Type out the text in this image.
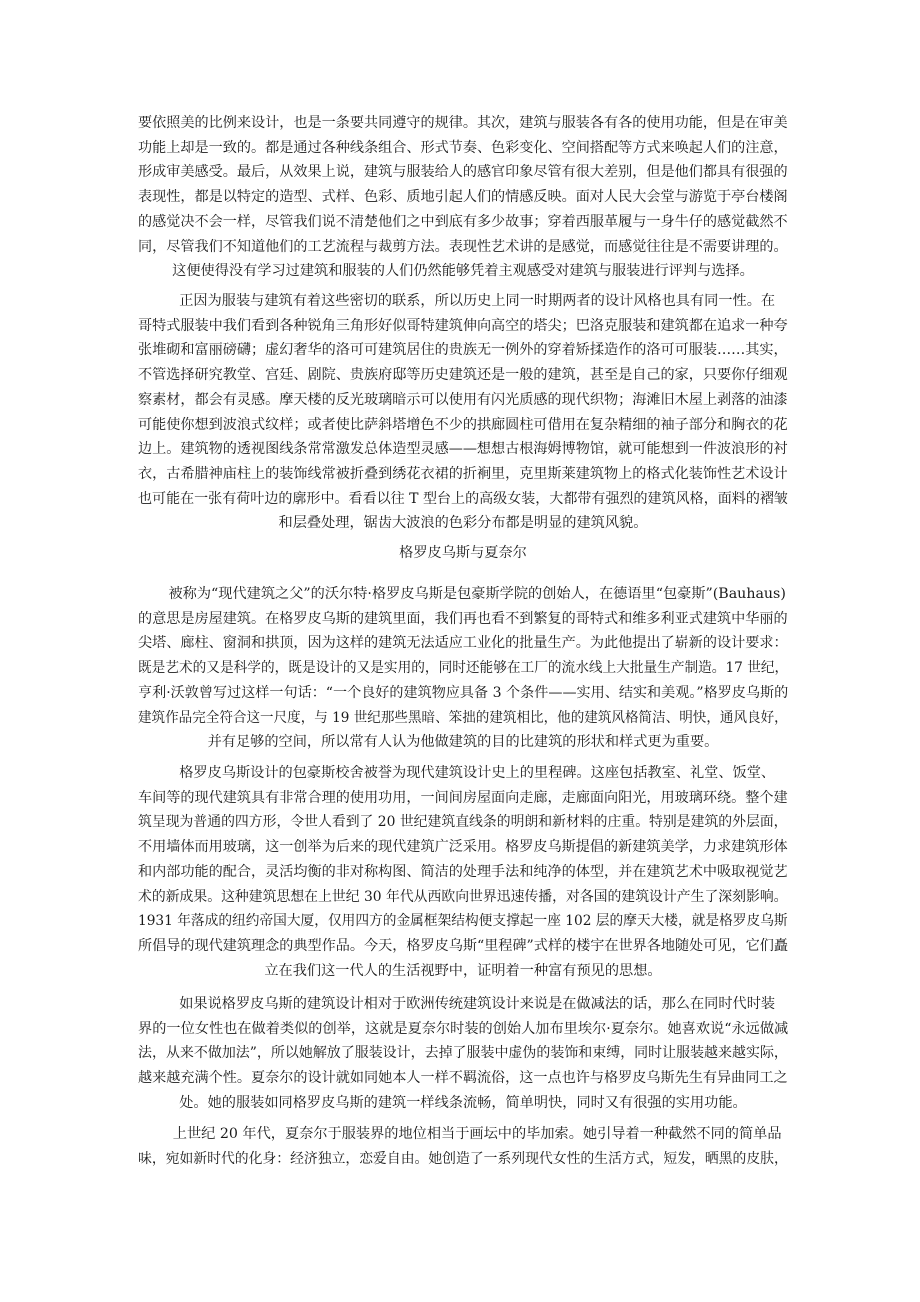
要依照美的比例来设计，也是一条要共同遵守的规律。其次，建筑与服装各有各的使用功能，但是在审美
功能上却是一致的。都是通过各种线条组合、形式节奏、色彩变化、空间搭配等方式来唤起人们的注意，
形成审美感受。最后，从效果上说，建筑与服装给人的感官印象尽管有很大差别，但是他们都具有很强的
表现性，都是以特定的造型、式样、色彩、质地引起人们的情感反映。面对人民大会堂与游览于亭台楼阁
的感觉决不会一样，尽管我们说不清楚他们之中到底有多少故事；穿着西服革履与一身牛仔的感觉截然不
同，尽管我们不知道他们的工艺流程与裁剪方法。表现性艺术讲的是感觉，而感觉往往是不需要讲理的。
这便使得没有学习过建筑和服装的人们仍然能够凭着主观感受对建筑与服装进行评判与选择。
　　正因为服装与建筑有着这些密切的联系，所以历史上同一时期两者的设计风格也具有同一性。在
哥特式服装中我们看到各种锐角三角形好似哥特建筑伸向高空的塔尖；巴洛克服装和建筑都在追求一种夸
张堆砌和富丽磅礴；虚幻奢华的洛可可建筑居住的贵族无一例外的穿着矫揉造作的洛可可服装……其实，
不管选择研究教堂、宫廷、剧院、贵族府邸等历史建筑还是一般的建筑，甚至是自己的家，只要你仔细观
察素材，都会有灵感。摩天楼的反光玻璃暗示可以使用有闪光质感的现代织物；海滩旧木屋上剥落的油漆
可能使你想到波浪式纹样；或者使比萨斜塔增色不少的拱廊圆柱可借用在复杂精细的袖子部分和胸衣的花
边上。建筑物的透视图线条常常激发总体造型灵感——想想古根海姆博物馆，就可能想到一件波浪形的衬
衣，古希腊神庙柱上的装饰线常被折叠到绣花衣裙的折裥里，克里斯莱建筑物上的格式化装饰性艺术设计
也可能在一张有荷叶边的廓形中。看看以往 T 型台上的高级女装，大都带有强烈的建筑风格，面料的褶皱
和层叠处理，锯齿大波浪的色彩分布都是明显的建筑风貌。
格罗皮乌斯与夏奈尔
　　被称为“现代建筑之父”的沃尔特·格罗皮乌斯是包豪斯学院的创始人，在德语里“包豪斯”(Bauhaus)
的意思是房屋建筑。在格罗皮乌斯的建筑里面，我们再也看不到繁复的哥特式和维多利亚式建筑中华丽的
尖塔、廊柱、窗洞和拱顶，因为这样的建筑无法适应工业化的批量生产。为此他提出了崭新的设计要求：
既是艺术的又是科学的，既是设计的又是实用的，同时还能够在工厂的流水线上大批量生产制造。17 世纪，
亨利·沃敦曾写过这样一句话：“一个良好的建筑物应具备 3 个条件——实用、结实和美观。”格罗皮乌斯的
建筑作品完全符合这一尺度，与 19 世纪那些黑暗、笨拙的建筑相比，他的建筑风格简洁、明快，通风良好，
并有足够的空间，所以常有人认为他做建筑的目的比建筑的形状和样式更为重要。
　　格罗皮乌斯设计的包豪斯校舍被誉为现代建筑设计史上的里程碑。这座包括教室、礼堂、饭堂、
车间等的现代建筑具有非常合理的使用功用，一间间房屋面向走廊，走廊面向阳光，用玻璃环绕。整个建
筑呈现为普通的四方形，令世人看到了 20 世纪建筑直线条的明朗和新材料的庄重。特别是建筑的外层面，
不用墙体而用玻璃，这一创举为后来的现代建筑广泛采用。格罗皮乌斯提倡的新建筑美学，力求建筑形体
和内部功能的配合，灵活均衡的非对称构图、简洁的处理手法和纯净的体型，并在建筑艺术中吸取视觉艺
术的新成果。这种建筑思想在上世纪 30 年代从西欧向世界迅速传播，对各国的建筑设计产生了深刻影响。
1931 年落成的纽约帝国大厦，仅用四方的金属框架结构便支撑起一座 102 层的摩天大楼，就是格罗皮乌斯
所倡导的现代建筑理念的典型作品。今天，格罗皮乌斯“里程碑”式样的楼宇在世界各地随处可见，它们矗
立在我们这一代人的生活视野中，证明着一种富有预见的思想。
　　如果说格罗皮乌斯的建筑设计相对于欧洲传统建筑设计来说是在做减法的话，那么在同时代时装
界的一位女性也在做着类似的创举，这就是夏奈尔时装的创始人加布里埃尔·夏奈尔。她喜欢说“永远做减
法，从来不做加法”，所以她解放了服装设计，去掉了服装中虚伪的装饰和束缚，同时让服装越来越实际，
越来越充满个性。夏奈尔的设计就如同她本人一样不羁流俗，这一点也许与格罗皮乌斯先生有异曲同工之
处。她的服装如同格罗皮乌斯的建筑一样线条流畅，简单明快，同时又有很强的实用功能。
　　上世纪 20 年代，夏奈尔于服装界的地位相当于画坛中的毕加索。她引导着一种截然不同的简单品
味，宛如新时代的化身：经济独立，恋爱自由。她创造了一系列现代女性的生活方式，短发，晒黑的皮肤，
